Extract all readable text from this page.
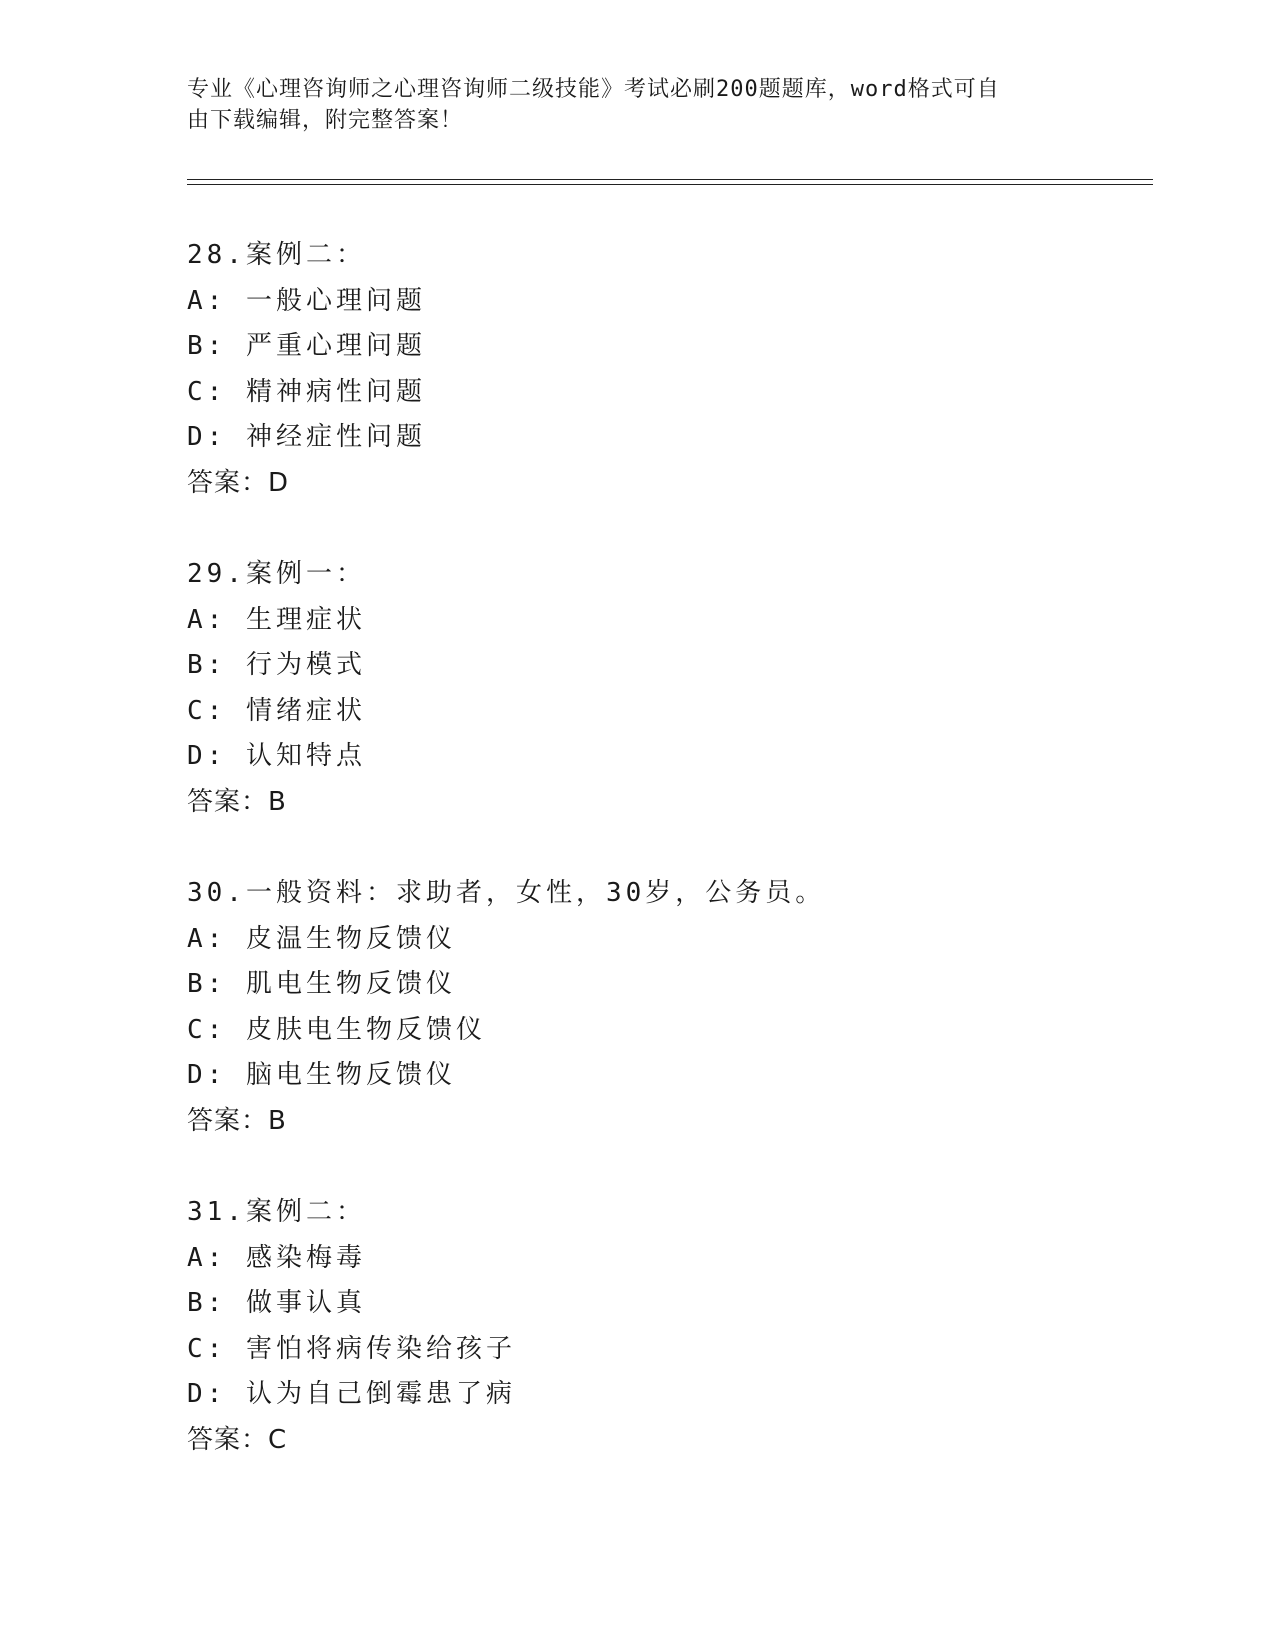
专业《心理咨询师之心理咨询师二级技能》考试必刷200题题库，word格式可自
由下载编辑，附完整答案！
28.案例二：
A: 一般心理问题
B: 严重心理问题
C: 精神病性问题
D: 神经症性问题
答案：D
29.案例一：
A: 生理症状
B: 行为模式
C: 情绪症状
D: 认知特点
答案：B
30.一般资料：求助者，女性，30岁，公务员。
A: 皮温生物反馈仪
B: 肌电生物反馈仪
C: 皮肤电生物反馈仪
D: 脑电生物反馈仪
答案：B
31.案例二：
A: 感染梅毒
B: 做事认真
C: 害怕将病传染给孩子
D: 认为自己倒霉患了病
答案：C
